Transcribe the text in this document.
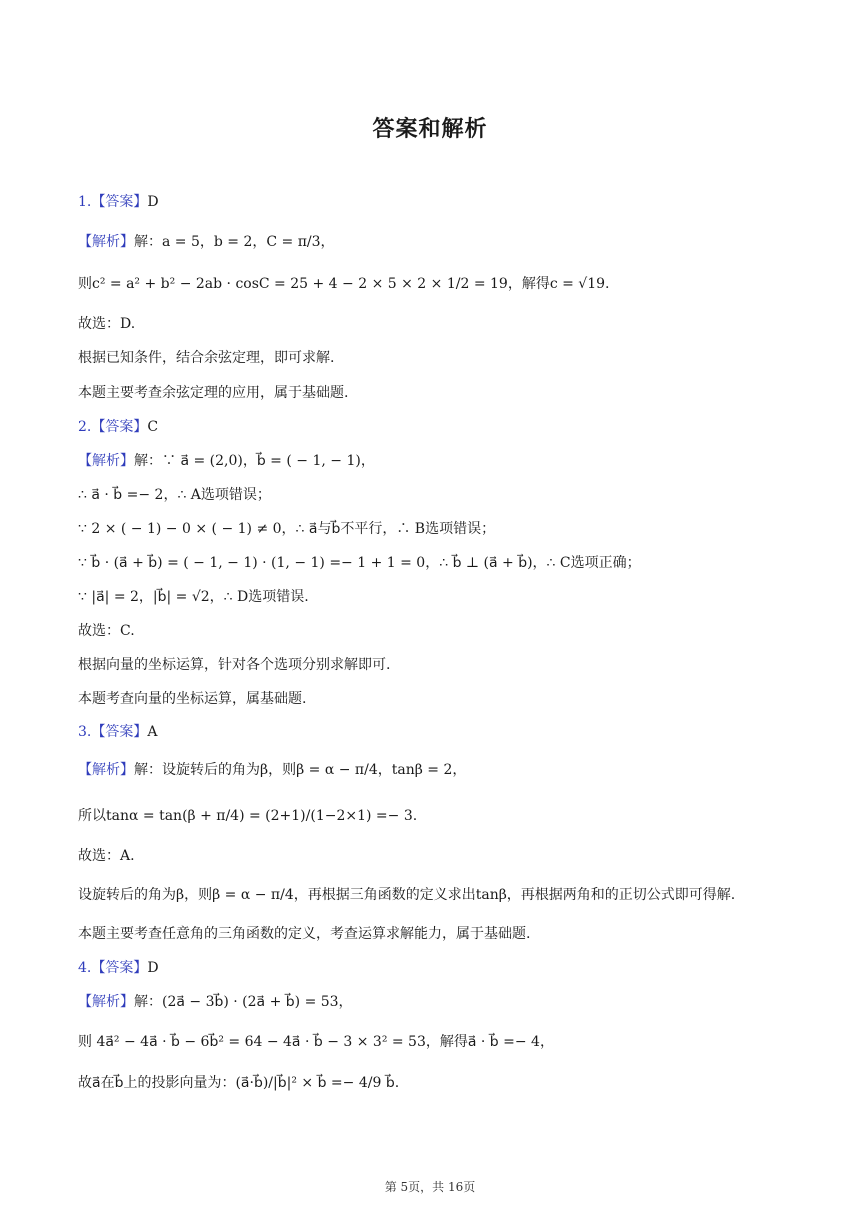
答案和解析
1.【答案】D
【解析】解：a = 5，b = 2，C = π/3，
则c² = a² + b² − 2ab · cosC = 25 + 4 − 2 × 5 × 2 × 1/2 = 19，解得c = √19.
故选：D.
根据已知条件，结合余弦定理，即可求解.
本题主要考查余弦定理的应用，属于基础题.
2.【答案】C
【解析】解：∵ a⃗ = (2,0)，b⃗ = ( − 1, − 1)，
∴ a⃗ · b⃗ =− 2，∴ A选项错误；
∵ 2 × ( − 1) − 0 × ( − 1) ≠ 0，∴ a⃗与b⃗不平行，∴ B选项错误；
∵ b⃗ · (a⃗ + b⃗) = ( − 1, − 1) · (1, − 1) =− 1 + 1 = 0，∴ b⃗ ⊥ (a⃗ + b⃗)，∴ C选项正确；
∵ |a⃗| = 2，|b⃗| = √2，∴ D选项错误.
故选：C.
根据向量的坐标运算，针对各个选项分别求解即可.
本题考查向量的坐标运算，属基础题.
3.【答案】A
【解析】解：设旋转后的角为β，则β = α − π/4，tanβ = 2，
所以tanα = tan(β + π/4) = (2+1)/(1−2×1) =− 3.
故选：A.
设旋转后的角为β，则β = α − π/4，再根据三角函数的定义求出tanβ，再根据两角和的正切公式即可得解.
本题主要考查任意角的三角函数的定义，考查运算求解能力，属于基础题.
4.【答案】D
【解析】解：(2a⃗ − 3b⃗) · (2a⃗ + b⃗) = 53，
则 4a⃗² − 4a⃗ · b⃗ − 6b⃗² = 64 − 4a⃗ · b⃗ − 3 × 3² = 53，解得a⃗ · b⃗ =− 4，
故a⃗在b⃗上的投影向量为：(a⃗·b⃗)/|b⃗|² × b⃗ =− 4/9 b⃗.
第 5页，共 16页
